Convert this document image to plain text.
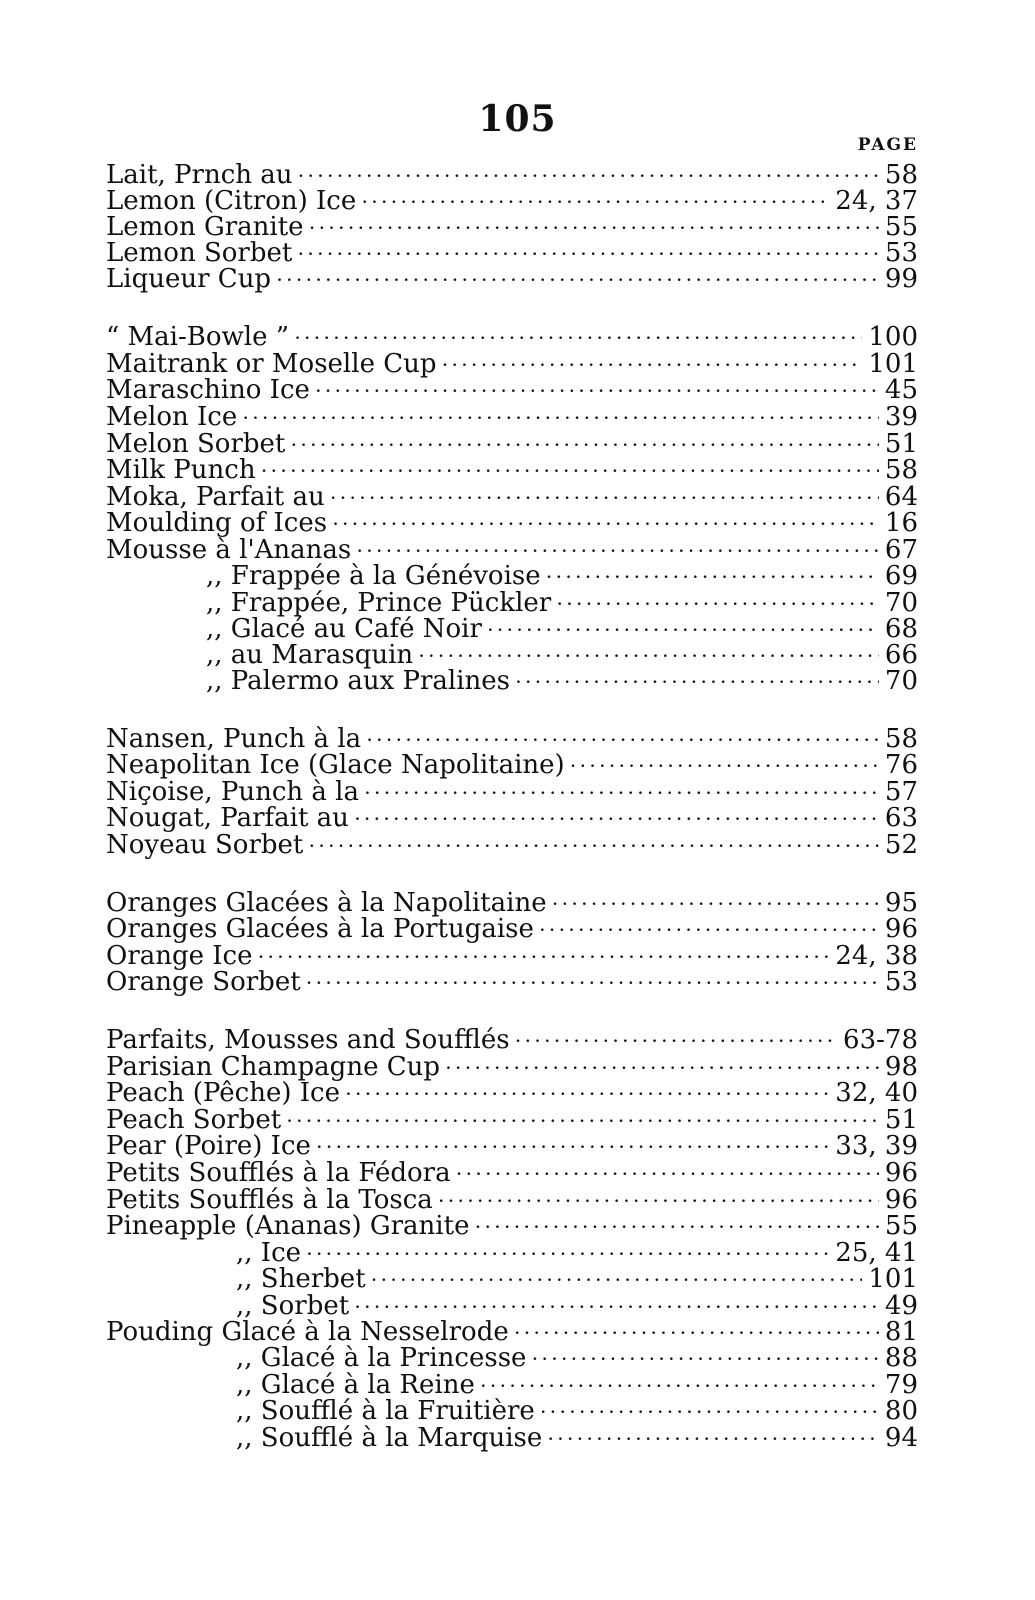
105
PAGE
Lait, Prnch au . . .	58
Lemon (Citron) Ice . . .	24, 37
Lemon Granite . . .	55
Lemon Sorbet . . .	53
Liqueur Cup . . .	99
“ Mai-Bowle ” . . .	100
Maitrank or Moselle Cup . . .	101
Maraschino Ice . . .	45
Melon Ice . . .	39
Melon Sorbet . . .	51
Milk Punch . . .	58
Moka, Parfait au . . .	64
Moulding of Ices . . .	16
Mousse à l'Ananas . . .	67
,, Frappée à la Génévoise . . .	69
,, Frappée, Prince Pückler . . .	70
,, Glacé au Café Noir . . .	68
,, au Marasquin . . .	66
,, Palermo aux Pralines . . .	70
Nansen, Punch à la . . .	58
Neapolitan Ice (Glace Napolitaine) . . .	76
Niçoise, Punch à la . . .	57
Nougat, Parfait au . . .	63
Noyeau Sorbet . . .	52
Oranges Glacées à la Napolitaine . . .	95
Oranges Glacées à la Portugaise . . .	96
Orange Ice . . .	24, 38
Orange Sorbet . . .	53
Parfaits, Mousses and Soufflés . . .	63-78
Parisian Champagne Cup . . .	98
Peach (Pêche) Ice . . .	32, 40
Peach Sorbet . . .	51
Pear (Poire) Ice . . .	33, 39
Petits Soufflés à la Fédora . . .	96
Petits Soufflés à la Tosca . . .	96
Pineapple (Ananas) Granite . . .	55
,, Ice . . .	25, 41
,, Sherbet . . .	101
,, Sorbet . . .	49
Pouding Glacé à la Nesselrode . . .	81
,, Glacé à la Princesse . . .	88
,, Glacé à la Reine . . .	79
,, Soufflé à la Fruitière . . .	80
,, Soufflé à la Marquise . . .	94
